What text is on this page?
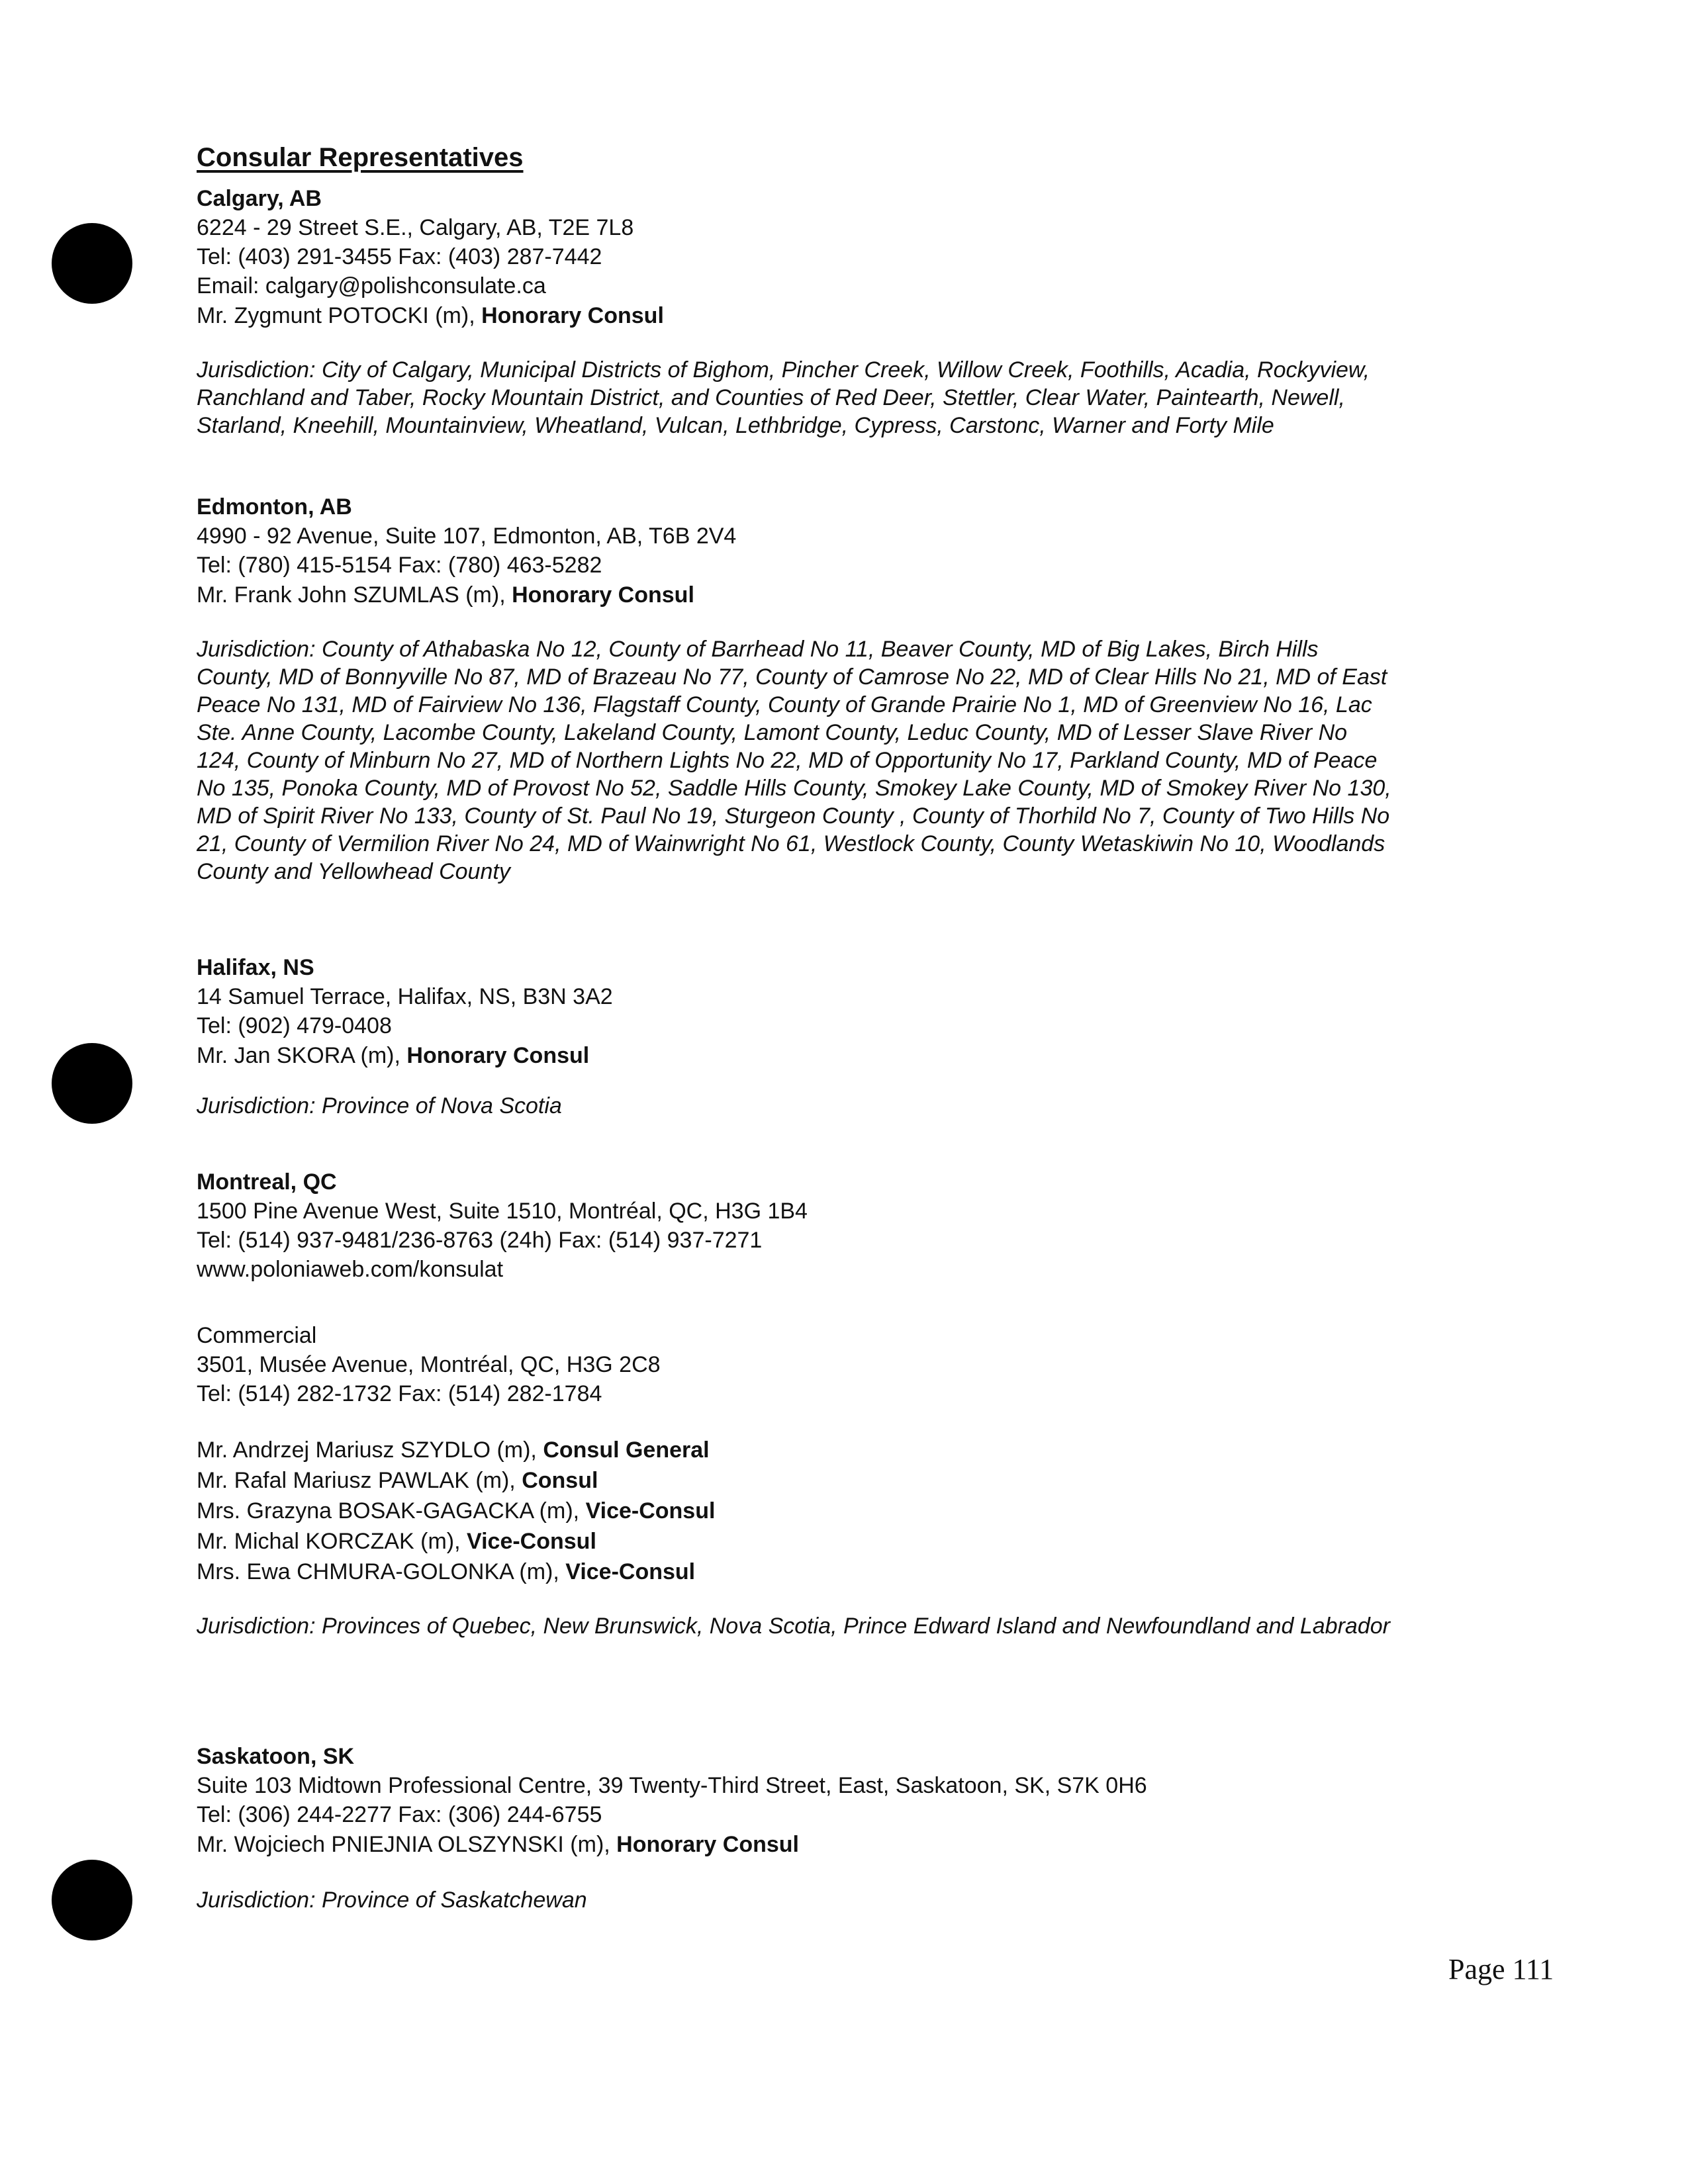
Consular Representatives
Calgary, AB
6224 - 29 Street S.E., Calgary, AB, T2E 7L8
Tel: (403) 291-3455 Fax: (403) 287-7442
Email: calgary@polishconsulate.ca
Mr. Zygmunt POTOCKI (m), Honorary Consul
Jurisdiction: City of Calgary, Municipal Districts of Bighom, Pincher Creek, Willow Creek, Foothills, Acadia, Rockyview,
Ranchland and Taber, Rocky Mountain District, and Counties of Red Deer, Stettler, Clear Water, Paintearth, Newell,
Starland, Kneehill, Mountainview, Wheatland, Vulcan, Lethbridge, Cypress, Carstonc, Warner and Forty Mile
Edmonton, AB
4990 - 92 Avenue, Suite 107, Edmonton, AB, T6B 2V4
Tel: (780) 415-5154 Fax: (780) 463-5282
Mr. Frank John SZUMLAS (m), Honorary Consul
Jurisdiction: County of Athabaska No 12, County of Barrhead No 11, Beaver County, MD of Big Lakes, Birch Hills
County, MD of Bonnyville No 87, MD of Brazeau No 77, County of Camrose No 22, MD of Clear Hills No 21, MD of East
Peace No 131, MD of Fairview No 136, Flagstaff County, County of Grande Prairie No 1, MD of Greenview No 16, Lac
Ste. Anne County, Lacombe County, Lakeland County, Lamont County, Leduc County, MD of Lesser Slave River No
124, County of Minburn No 27, MD of Northern Lights No 22, MD of Opportunity No 17, Parkland County, MD of Peace
No 135, Ponoka County, MD of Provost No 52, Saddle Hills County, Smokey Lake County, MD of Smokey River No 130,
MD of Spirit River No 133, County of St. Paul No 19, Sturgeon County , County of Thorhild No 7, County of Two Hills No
21, County of Vermilion River No 24, MD of Wainwright No 61, Westlock County, County Wetaskiwin No 10, Woodlands
County and Yellowhead County
Halifax, NS
14 Samuel Terrace, Halifax, NS, B3N 3A2
Tel: (902) 479-0408
Mr. Jan SKORA (m), Honorary Consul
Jurisdiction: Province of Nova Scotia
Montreal, QC
1500 Pine Avenue West, Suite 1510, Montréal, QC, H3G 1B4
Tel: (514) 937-9481/236-8763 (24h) Fax: (514) 937-7271
www.poloniaweb.com/konsulat
Commercial
3501, Musée Avenue, Montréal, QC, H3G 2C8
Tel: (514) 282-1732 Fax: (514) 282-1784
Mr. Andrzej Mariusz SZYDLO (m), Consul General
Mr. Rafal Mariusz PAWLAK (m), Consul
Mrs. Grazyna BOSAK-GAGACKA (m), Vice-Consul
Mr. Michal KORCZAK (m), Vice-Consul
Mrs. Ewa CHMURA-GOLONKA (m), Vice-Consul
Jurisdiction: Provinces of Quebec, New Brunswick, Nova Scotia, Prince Edward Island and Newfoundland and Labrador
Saskatoon, SK
Suite 103 Midtown Professional Centre, 39 Twenty-Third Street, East, Saskatoon, SK, S7K 0H6
Tel: (306) 244-2277 Fax: (306) 244-6755
Mr. Wojciech PNIEJNIA OLSZYNSKI (m), Honorary Consul
Jurisdiction: Province of Saskatchewan
Page 111
